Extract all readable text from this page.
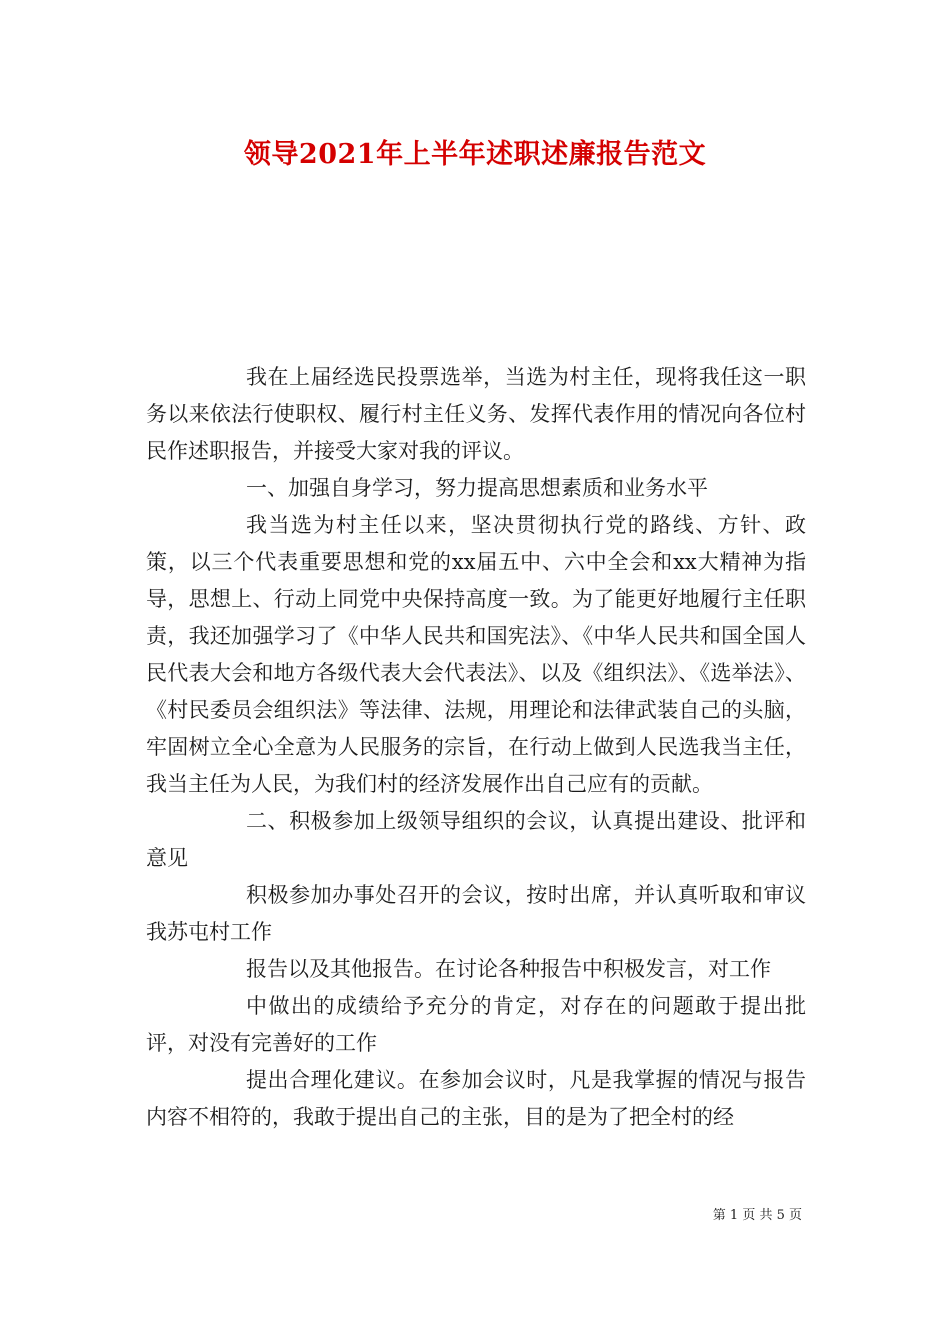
领导2021年上半年述职述廉报告范文

我在上届经选民投票选举，当选为村主任，现将我任这一职务以来依法行使职权、履行村主任义务、发挥代表作用的情况向各位村民作述职报告，并接受大家对我的评议。

一、加强自身学习，努力提高思想素质和业务水平

我当选为村主任以来，坚决贯彻执行党的路线、方针、政策，以三个代表重要思想和党的xx届五中、六中全会和xx大精神为指导，思想上、行动上同党中央保持高度一致。为了能更好地履行主任职责，我还加强学习了《中华人民共和国宪法》、《中华人民共和国全国人民代表大会和地方各级代表大会代表法》、以及《组织法》、《选举法》、《村民委员会组织法》等法律、法规，用理论和法律武装自己的头脑，牢固树立全心全意为人民服务的宗旨，在行动上做到人民选我当主任，我当主任为人民，为我们村的经济发展作出自己应有的贡献。

二、积极参加上级领导组织的会议，认真提出建设、批评和意见

积极参加办事处召开的会议，按时出席，并认真听取和审议我苏屯村工作

报告以及其他报告。在讨论各种报告中积极发言，对工作

中做出的成绩给予充分的肯定，对存在的问题敢于提出批评，对没有完善好的工作

提出合理化建议。在参加会议时，凡是我掌握的情况与报告内容不相符的，我敢于提出自己的主张，目的是为了把全村的经

第 1 页 共 5 页
